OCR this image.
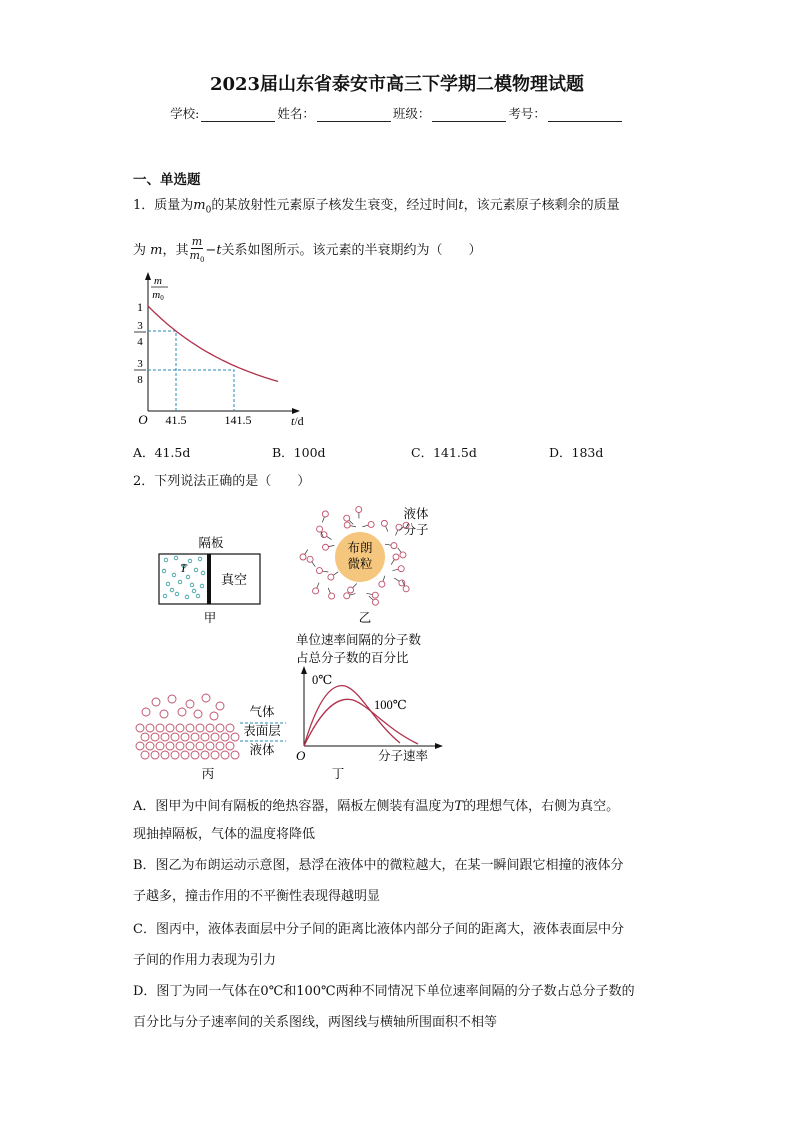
2023届山东省泰安市高三下学期二模物理试题
学校:	姓名：	班级：	考号：
一、单选题
1．质量为$m_0$的某放射性元素原子核发生衰变，经过时间t，该元素原子核剩余的质量
为
m ，其
m
$m_0$
− t 关系如图所示。该元素的半衰期约为（　　）
m
m0
1
3
4
3
8
O 41.5	141.5	t/d
A．41.5d	B．100d	C．141.5d	D．183d
2．下列说法正确的是（　　）
隔板
T
真空
甲
布朗
微粒
液体
分子
乙
气体
表面层
液体
丙
单位速率间隔的分子数
占总分子数的百分比
0℃
100℃
O	分子速率
丁
A．图甲为中间有隔板的绝热容器，隔板左侧装有温度为T的理想气体，右侧为真空。
现抽掉隔板，气体的温度将降低
B．图乙为布朗运动示意图，悬浮在液体中的微粒越大，在某一瞬间跟它相撞的液体分
子越多，撞击作用的不平衡性表现得越明显
C．图丙中，液体表面层中分子间的距离比液体内部分子间的距离大，液体表面层中分
子间的作用力表现为引力
D．图丁为同一气体在0℃和100℃两种不同情况下单位速率间隔的分子数占总分子数的
百分比与分子速率间的关系图线，两图线与横轴所围面积不相等
